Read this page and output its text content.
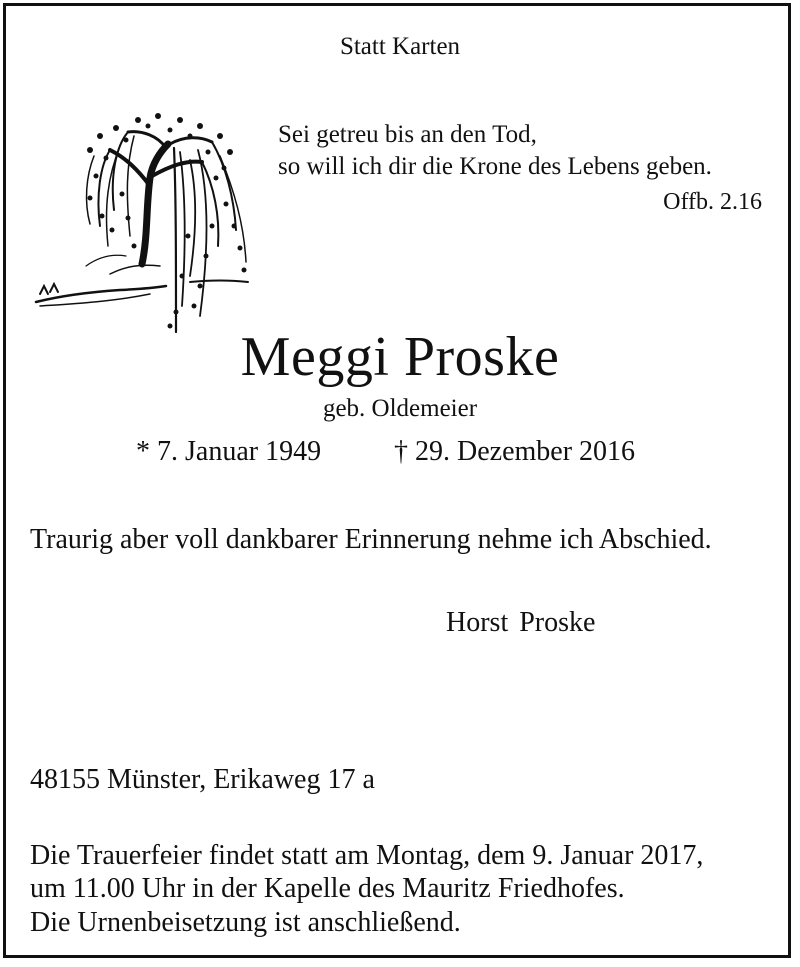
Statt Karten
Sei getreu bis an den Tod,
so will ich dir die Krone des Lebens geben.
Offb. 2.16
Meggi Proske
geb. Oldemeier
* 7. Januar 1949	† 29. Dezember 2016
Traurig aber voll dankbarer Erinnerung nehme ich Abschied.
Horst Proske
48155 Münster, Erikaweg 17 a
Die Trauerfeier findet statt am Montag, dem 9. Januar 2017,
um 11.00 Uhr in der Kapelle des Mauritz Friedhofes.
Die Urnenbeisetzung ist anschließend.
